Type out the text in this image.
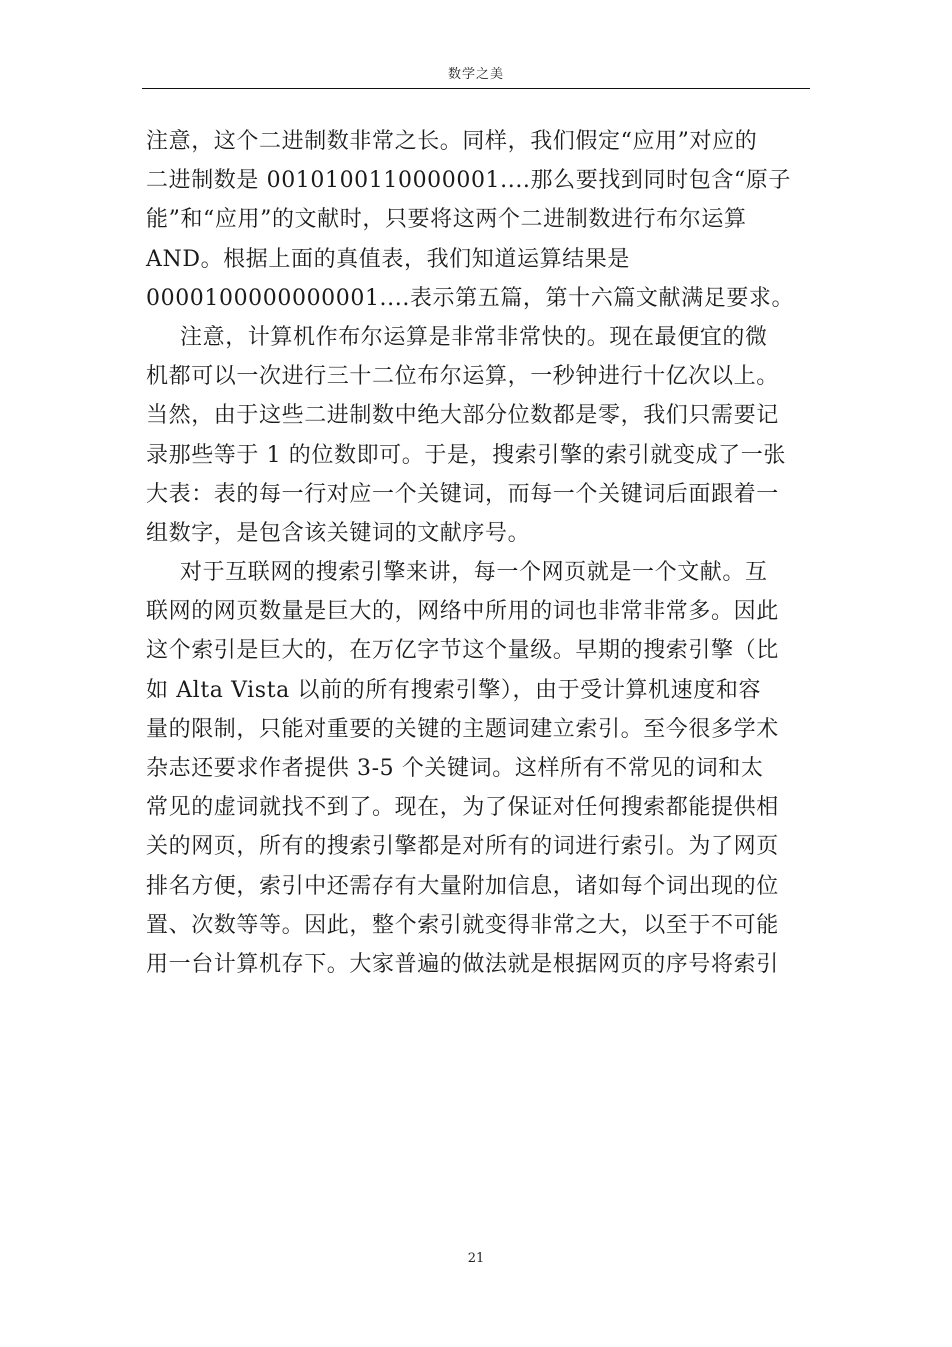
数学之美
注意，这个二进制数非常之长。同样，我们假定“应用”对应的
二进制数是 0010100110000001....那么要找到同时包含“原子
能”和“应用”的文献时，只要将这两个二进制数进行布尔运算
AND。根据上面的真值表，我们知道运算结果是
0000100000000001....表示第五篇，第十六篇文献满足要求。
注意，计算机作布尔运算是非常非常快的。现在最便宜的微
机都可以一次进行三十二位布尔运算，一秒钟进行十亿次以上。
当然，由于这些二进制数中绝大部分位数都是零，我们只需要记
录那些等于 1 的位数即可。于是，搜索引擎的索引就变成了一张
大表：表的每一行对应一个关键词，而每一个关键词后面跟着一
组数字，是包含该关键词的文献序号。
对于互联网的搜索引擎来讲，每一个网页就是一个文献。互
联网的网页数量是巨大的，网络中所用的词也非常非常多。因此
这个索引是巨大的，在万亿字节这个量级。早期的搜索引擎（比
如 Alta Vista 以前的所有搜索引擎），由于受计算机速度和容
量的限制，只能对重要的关键的主题词建立索引。至今很多学术
杂志还要求作者提供 3-5 个关键词。这样所有不常见的词和太
常见的虚词就找不到了。现在，为了保证对任何搜索都能提供相
关的网页，所有的搜索引擎都是对所有的词进行索引。为了网页
排名方便，索引中还需存有大量附加信息，诸如每个词出现的位
置、次数等等。因此，整个索引就变得非常之大，以至于不可能
用一台计算机存下。大家普遍的做法就是根据网页的序号将索引
21
